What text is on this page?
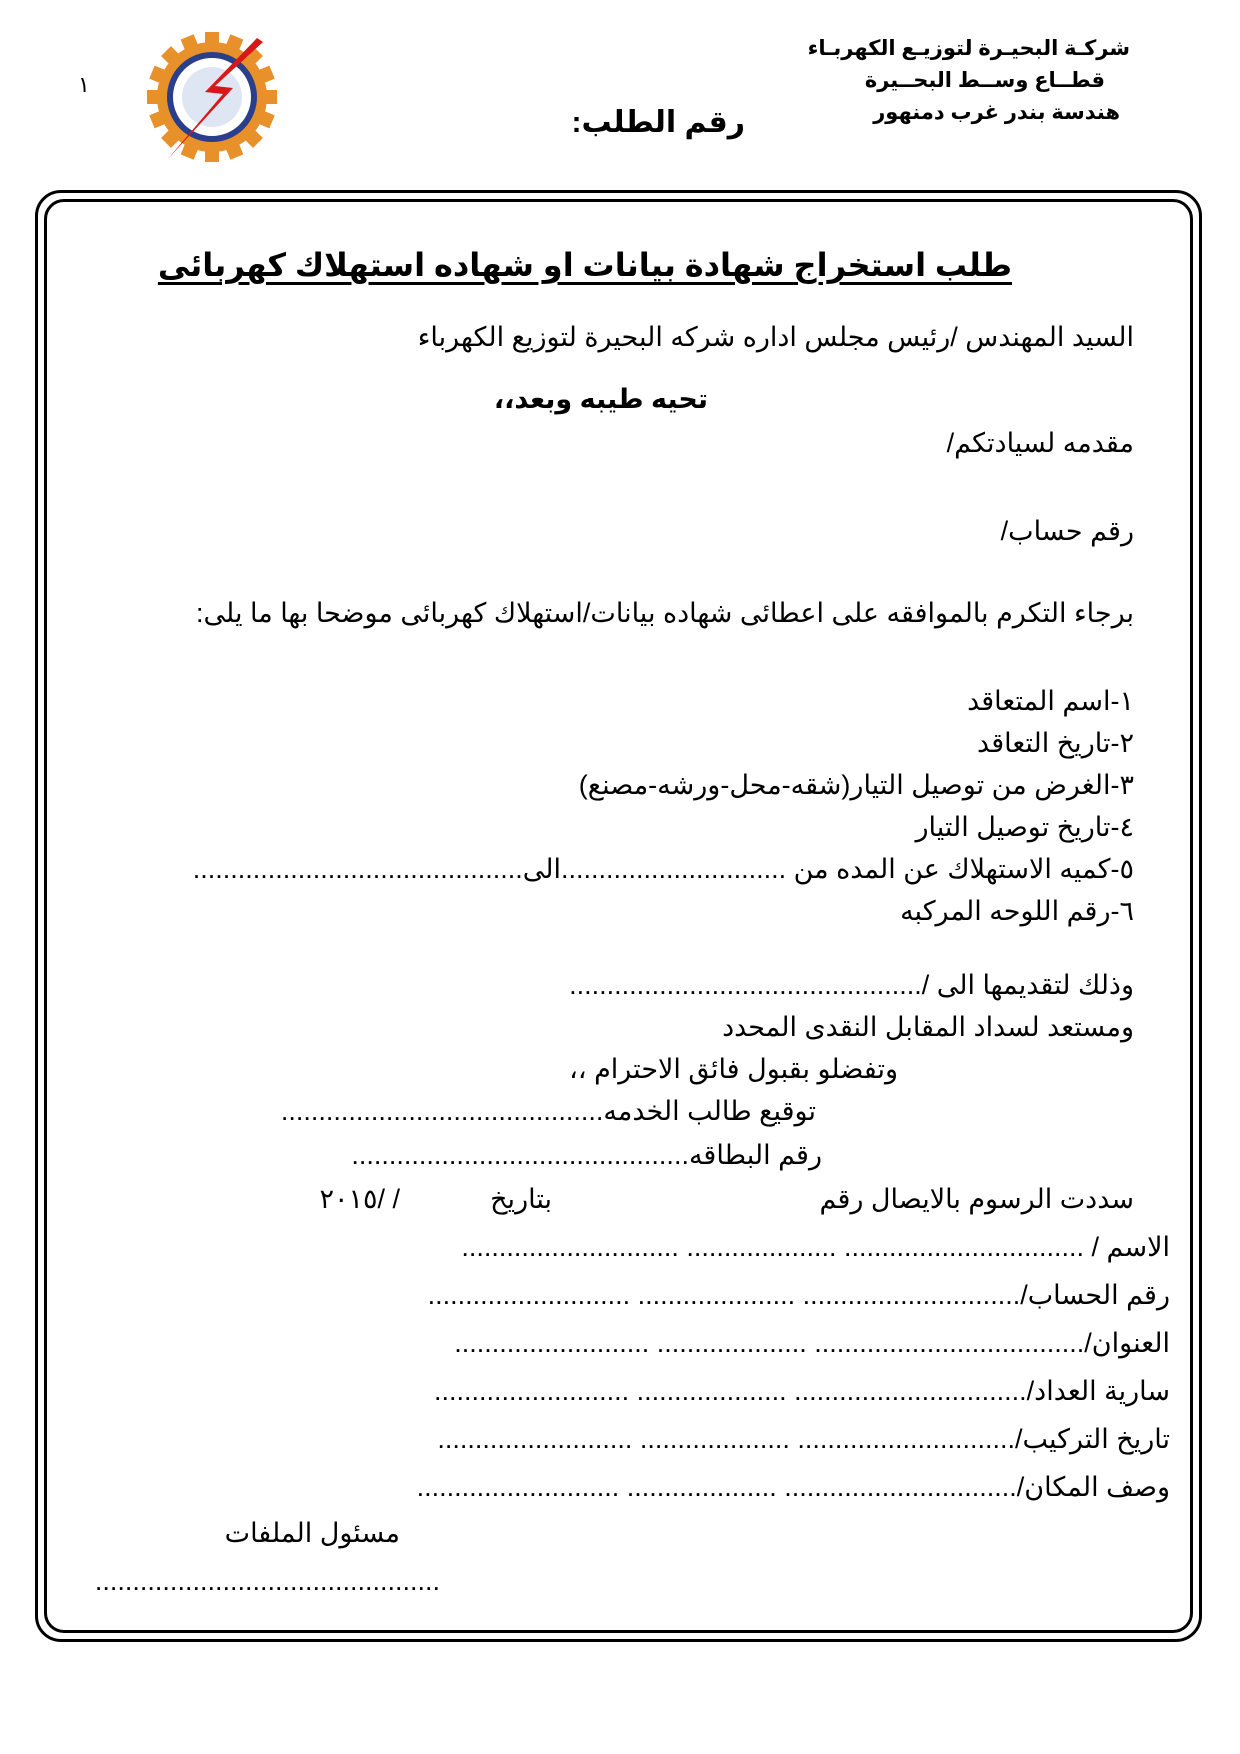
شركـة البحيـرة لتوزيـع الكهربـاء
قطــاع وســط البحــيرة
هندسة بندر غرب دمنهور
١
رقم الطلب:
طلب استخراج شهادة بيانات او شهاده استهلاك كهربائى
السيد المهندس /رئيس مجلس اداره شركه البحيرة لتوزيع الكهرباء
تحيه طيبه وبعد،،
مقدمه لسيادتكم/
رقم حساب/
برجاء التكرم بالموافقه على اعطائى شهاده بيانات/استهلاك كهربائى موضحا بها ما يلى:
١-اسم المتعاقد
٢-تاريخ التعاقد
٣-الغرض من توصيل التيار(شقه-محل-ورشه-مصنع)
٤-تاريخ توصيل التيار
٥-كميه الاستهلاك عن المده من ..............................الى............................................
٦-رقم اللوحه المركبه
وذلك لتقديمها الى /...............................................
ومستعد لسداد المقابل النقدى المحدد
وتفضلو بقبول فائق الاحترام ،،
توقيع طالب الخدمه...........................................
رقم البطاقه.............................................
سددت الرسوم بالايصال رقم
بتاريخ
/ /٢٠١٥
الاسم / ................................ .................... .............................
رقم الحساب/............................. ..................... ...........................
العنوان/.................................... .................... ..........................
سارية العداد/............................... .................... ..........................
تاريخ التركيب/............................. .................... ..........................
وصف المكان/............................... .................... ...........................
مسئول الملفات
..............................................
